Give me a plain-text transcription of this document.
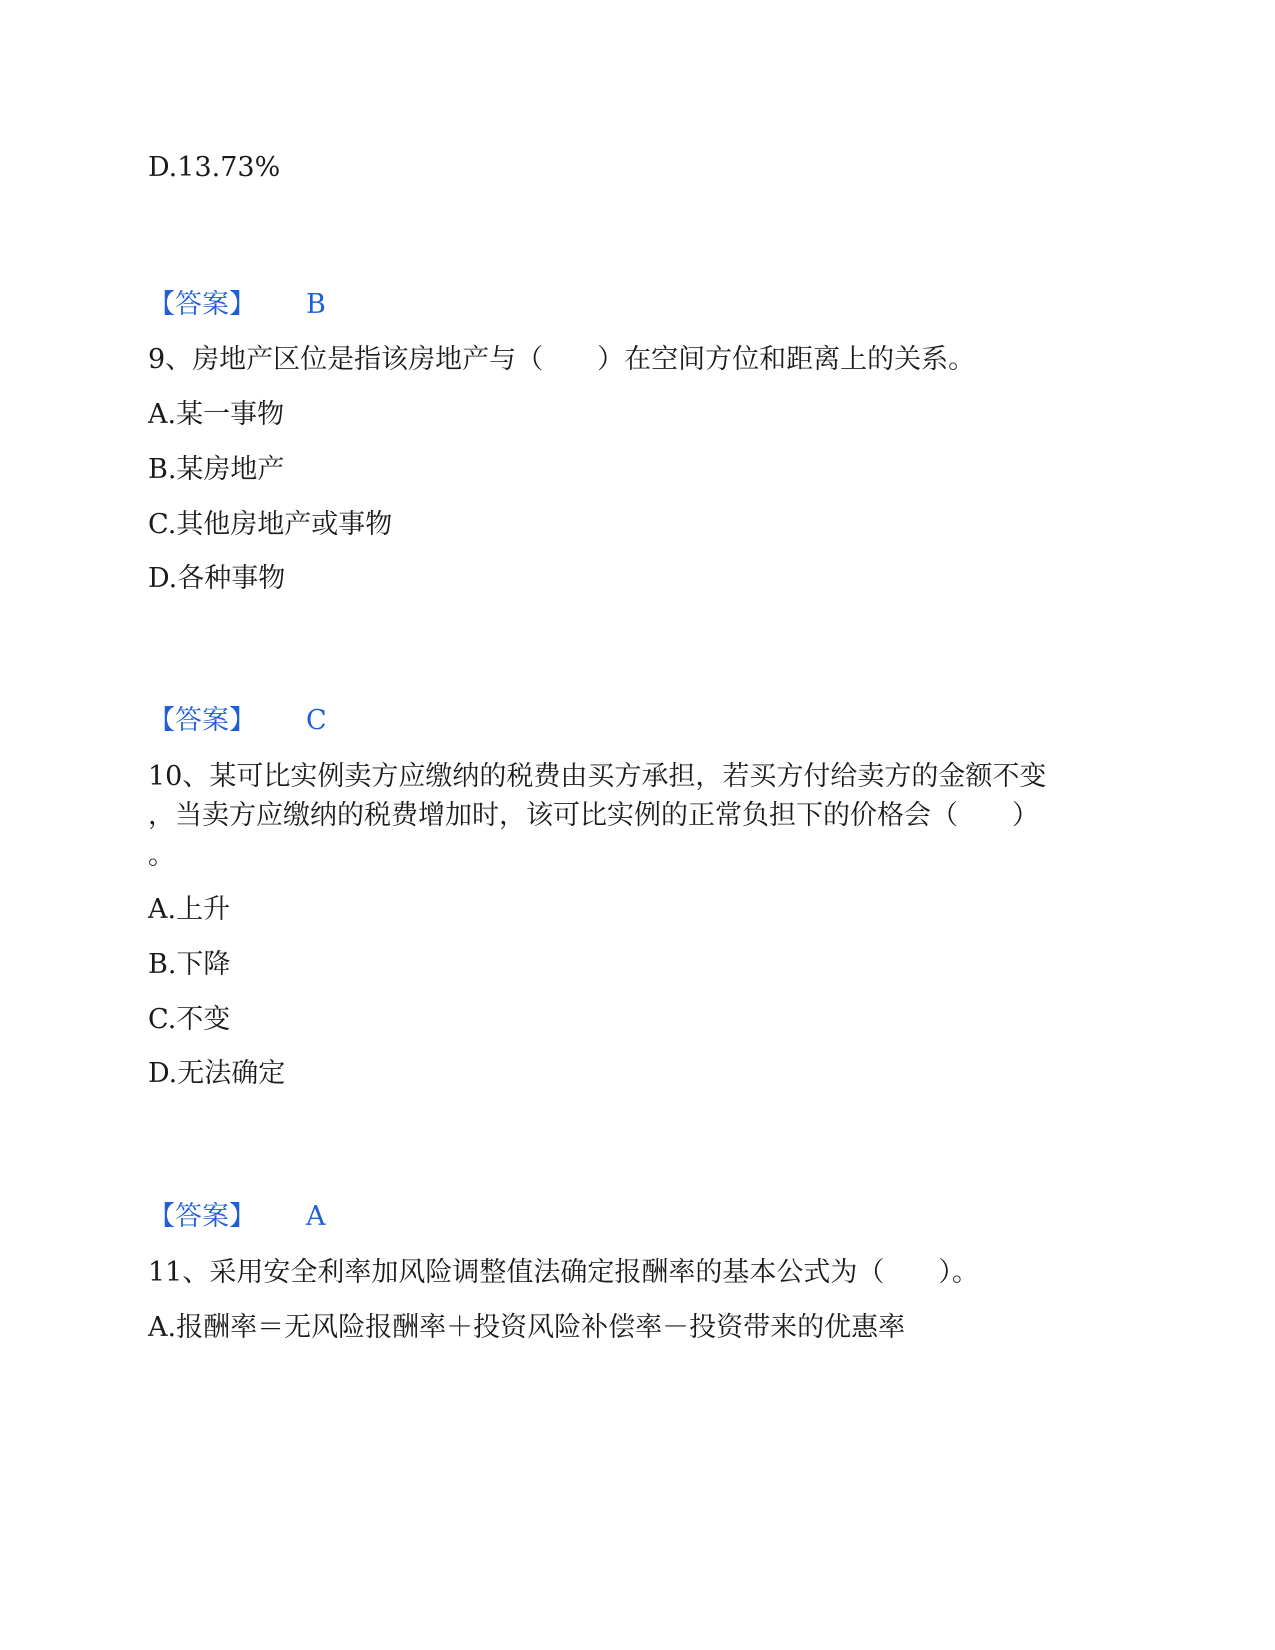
D.13.73%
【答案】 B
9、房地产区位是指该房地产与（　　）在空间方位和距离上的关系。
A.某一事物
B.某房地产
C.其他房地产或事物
D.各种事物
【答案】 C
10、某可比实例卖方应缴纳的税费由买方承担，若买方付给卖方的金额不变
，当卖方应缴纳的税费增加时，该可比实例的正常负担下的价格会（　　）
。
A.上升
B.下降
C.不变
D.无法确定
【答案】 A
11、采用安全利率加风险调整值法确定报酬率的基本公式为（　　）。
A.报酬率＝无风险报酬率＋投资风险补偿率－投资带来的优惠率
